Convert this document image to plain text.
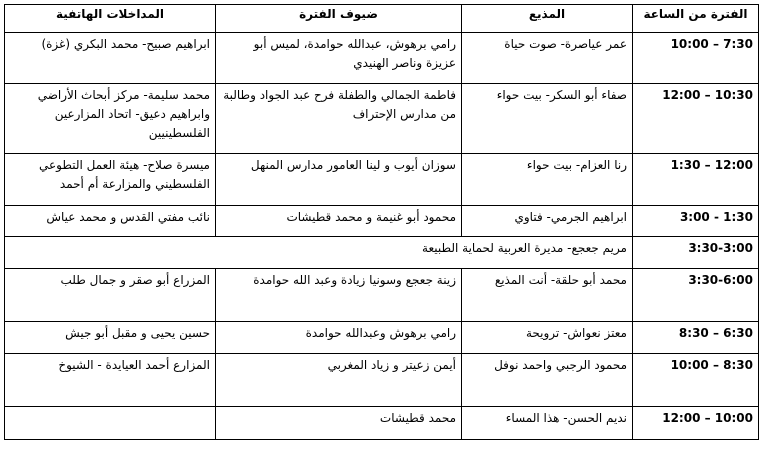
الفترة من الساعة	المذيع	ضيوف الفترة	المداخلات الهاتفية
7:30 – 10:00	عمر عياصرة- صوت حياة	رامي برهوش، عبدالله حوامدة، لميس أبو عزيزة وناصر الهنيدي	ابراهيم صبيح- محمد البكري (غزة)
10:30 – 12:00	صفاء أبو السكر- بيت حواء	فاطمة الجمالي والطفلة فرح عبد الجواد وطالبة من مدارس الإحتراف	محمد سليمة- مركز أبحاث الأراضي وابراهيم دعيق- اتحاد المزارعين الفلسطينيين
12:00 – 1:30	رنا العزام- بيت حواء	سوزان أيوب و لينا العامور مدارس المنهل	ميسرة صلاح- هيئة العمل التطوعي الفلسطيني والمزارعة أم أحمد
1:30 - 3:00	ابراهيم الجرمي- فتاوي	محمود أبو غنيمة و محمد قطيشات	نائب مفتي القدس و محمد عياش
3:30-3:00	مريم جعجع- مديرة العربية لحماية الطبيعة		
3:30-6:00	محمد أبو حلقة- أنت المذيع	زينة جعجع وسونيا زيادة وعبد الله حوامدة	المزراع أبو صقر و جمال طلب
6:30 – 8:30	معتز نعواش- ترويحة	رامي برهوش وعبدالله حوامدة	حسين يحيى و مقبل أبو جيش
8:30 – 10:00	محمود الرجبي واحمد نوفل	أيمن زعيتر و زياد المغربي	المزارع أحمد العيايدة - الشيوخ
10:00 – 12:00	نديم الحسن- هذا المساء	محمد قطيشات	
